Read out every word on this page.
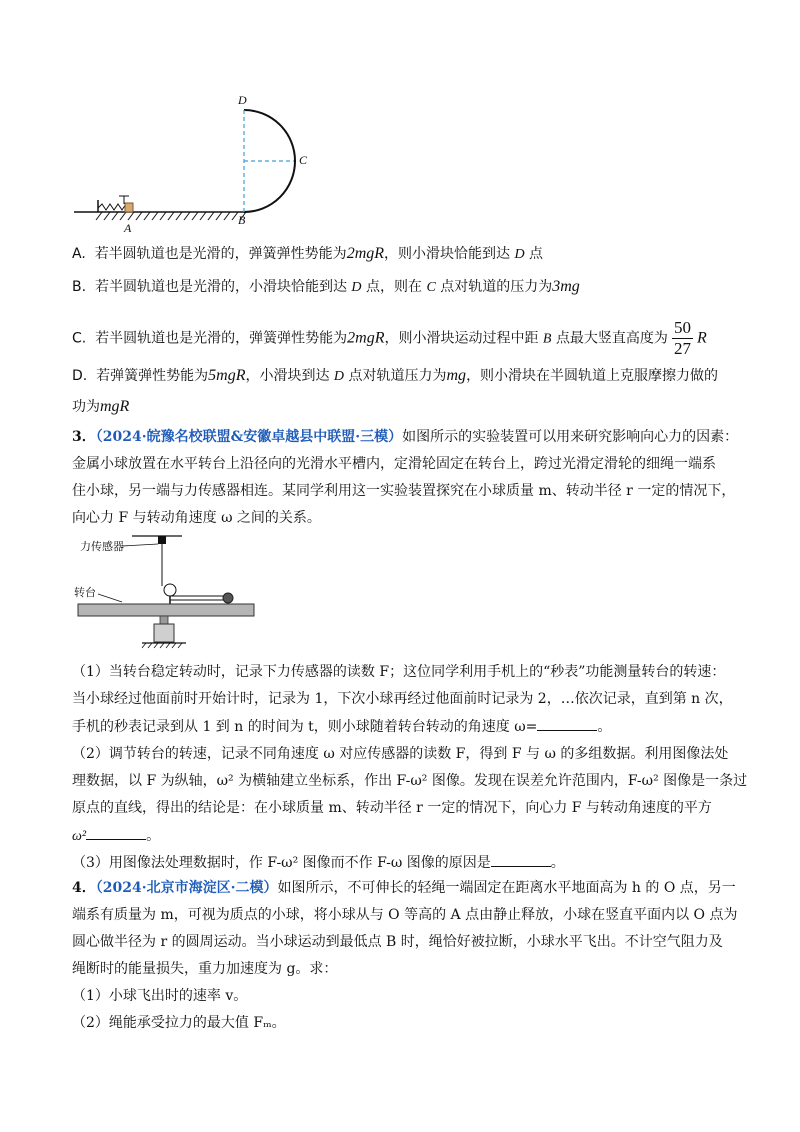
A
B
C
D
A. 若半圆轨道也是光滑的，弹簧弹性势能为2mgR，则小滑块恰能到达 D 点
B. 若半圆轨道也是光滑的，小滑块恰能到达 D 点，则在 C 点对轨道的压力为3mg
C. 若半圆轨道也是光滑的，弹簧弹性势能为2mgR，则小滑块运动过程中距 B 点最大竖直高度为 $\frac{50}{27}$ R
D. 若弹簧弹性势能为5mgR，小滑块到达 D 点对轨道压力为mg，则小滑块在半圆轨道上克服摩擦力做的
功为mgR
3．（2024·皖豫名校联盟&安徽卓越县中联盟·三模）如图所示的实验装置可以用来研究影响向心力的因素：
金属小球放置在水平转台上沿径向的光滑水平槽内，定滑轮固定在转台上，跨过光滑定滑轮的细绳一端系
住小球，另一端与力传感器相连。某同学利用这一实验装置探究在小球质量 m、转动半径 r 一定的情况下，
向心力 F 与转动角速度 ω 之间的关系。
力传感器
转台
（1）当转台稳定转动时，记录下力传感器的读数 F；这位同学利用手机上的“秒表”功能测量转台的转速：
当小球经过他面前时开始计时，记录为 1，下次小球再经过他面前时记录为 2，…依次记录，直到第 n 次，
手机的秒表记录到从 1 到 n 的时间为 t，则小球随着转台转动的角速度 ω=	。
（2）调节转台的转速，记录不同角速度 ω 对应传感器的读数 F，得到 F 与 ω 的多组数据。利用图像法处
理数据，以 F 为纵轴，ω² 为横轴建立坐标系，作出 F-ω² 图像。发现在误差允许范围内，F-ω² 图像是一条过
原点的直线，得出的结论是：在小球质量 m、转动半径 r 一定的情况下，向心力 F 与转动角速度的平方
ω²	。
（3）用图像法处理数据时，作 F-ω² 图像而不作 F-ω 图像的原因是	。
4．（2024·北京市海淀区·二模）如图所示，不可伸长的轻绳一端固定在距离水平地面高为 h 的 O 点，另一
端系有质量为 m，可视为质点的小球，将小球从与 O 等高的 A 点由静止释放，小球在竖直平面内以 O 点为
圆心做半径为 r 的圆周运动。当小球运动到最低点 B 时，绳恰好被拉断，小球水平飞出。不计空气阻力及
绳断时的能量损失，重力加速度为 g。求：
（1）小球飞出时的速率 v。
（2）绳能承受拉力的最大值 Fₘ。
